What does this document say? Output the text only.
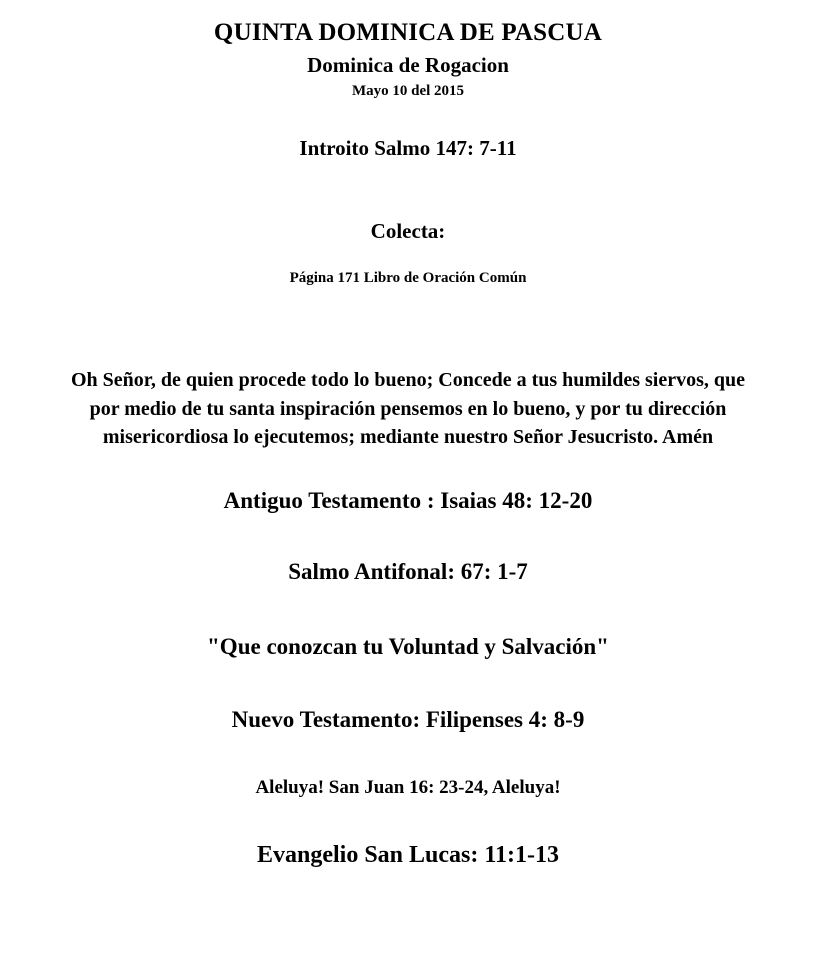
QUINTA DOMINICA DE PASCUA
Dominica de Rogacion
Mayo 10 del 2015
Introito Salmo 147: 7-11
Colecta:
Página 171 Libro de Oración Común
Oh Señor, de quien procede todo lo bueno; Concede a tus humildes siervos, que por medio de tu santa inspiración pensemos en lo bueno, y por tu dirección misericordiosa lo ejecutemos; mediante nuestro Señor Jesucristo. Amén
Antiguo Testamento : Isaias 48: 12-20
Salmo Antifonal: 67: 1-7
"Que conozcan tu Voluntad y Salvación"
Nuevo Testamento: Filipenses 4: 8-9
Aleluya! San Juan 16: 23-24, Aleluya!
Evangelio San Lucas: 11:1-13
